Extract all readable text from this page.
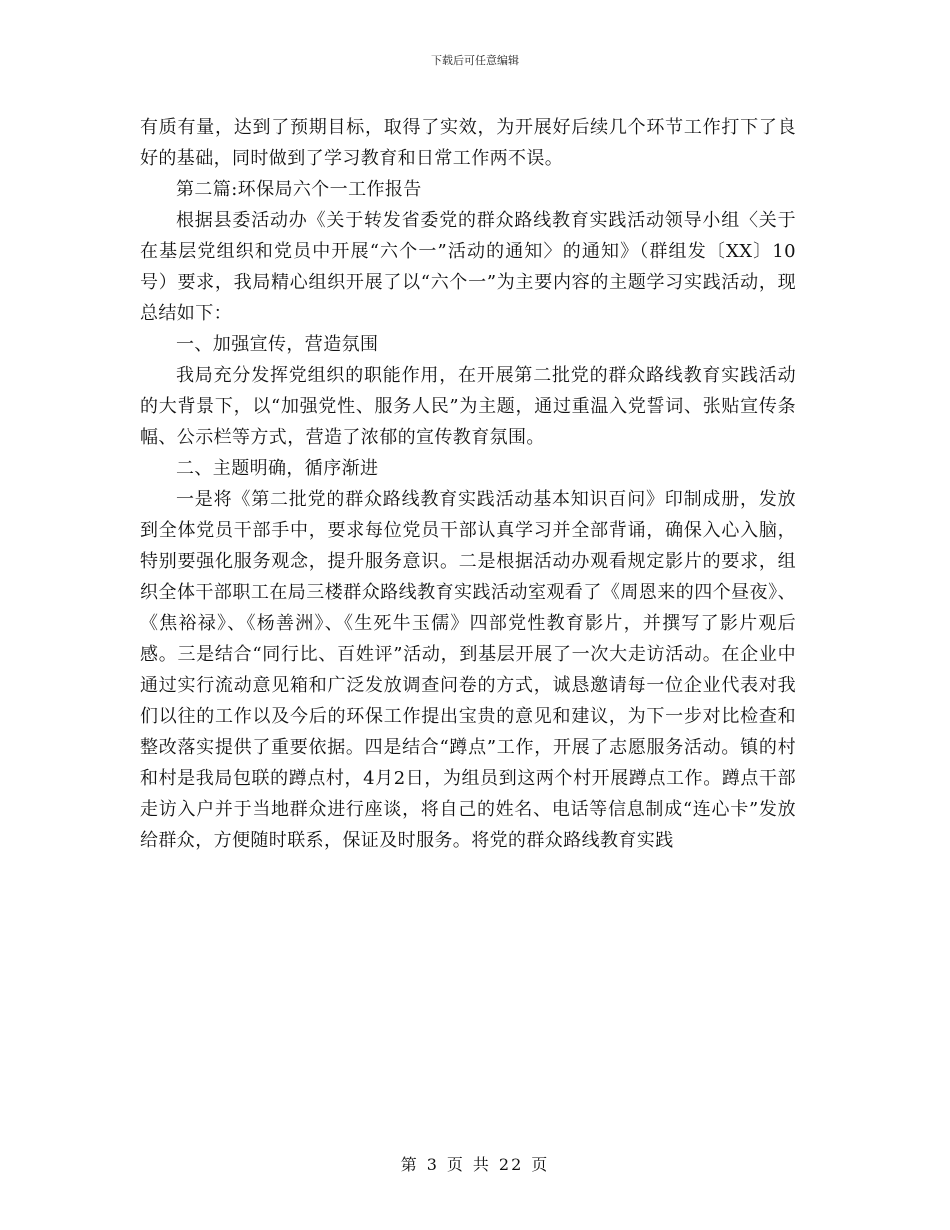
下载后可任意编辑

有质有量，达到了预期目标，取得了实效，为开展好后续几个环节工作打下了良好的基础，同时做到了学习教育和日常工作两不误。

第二篇:环保局六个一工作报告

根据县委活动办《关于转发省委党的群众路线教育实践活动领导小组〈关于在基层党组织和党员中开展“六个一”活动的通知〉的通知》（群组发〔XX〕10号）要求，我局精心组织开展了以“六个一”为主要内容的主题学习实践活动，现总结如下：

一、加强宣传，营造氛围

我局充分发挥党组织的职能作用，在开展第二批党的群众路线教育实践活动的大背景下，以“加强党性、服务人民”为主题，通过重温入党誓词、张贴宣传条幅、公示栏等方式，营造了浓郁的宣传教育氛围。

二、主题明确，循序渐进

一是将《第二批党的群众路线教育实践活动基本知识百问》印制成册，发放到全体党员干部手中，要求每位党员干部认真学习并全部背诵，确保入心入脑，特别要强化服务观念，提升服务意识。二是根据活动办观看规定影片的要求，组织全体干部职工在局三楼群众路线教育实践活动室观看了《周恩来的四个昼夜》、《焦裕禄》、《杨善洲》、《生死牛玉儒》四部党性教育影片，并撰写了影片观后感。三是结合“同行比、百姓评”活动，到基层开展了一次大走访活动。在企业中通过实行流动意见箱和广泛发放调查问卷的方式，诚恳邀请每一位企业代表对我们以往的工作以及今后的环保工作提出宝贵的意见和建议，为下一步对比检查和整改落实提供了重要依据。四是结合“蹲点”工作，开展了志愿服务活动。镇的村和村是我局包联的蹲点村，4月2日，为组员到这两个村开展蹲点工作。蹲点干部走访入户并于当地群众进行座谈，将自己的姓名、电话等信息制成“连心卡”发放给群众，方便随时联系，保证及时服务。将党的群众路线教育实践

第 3 页 共 22 页
